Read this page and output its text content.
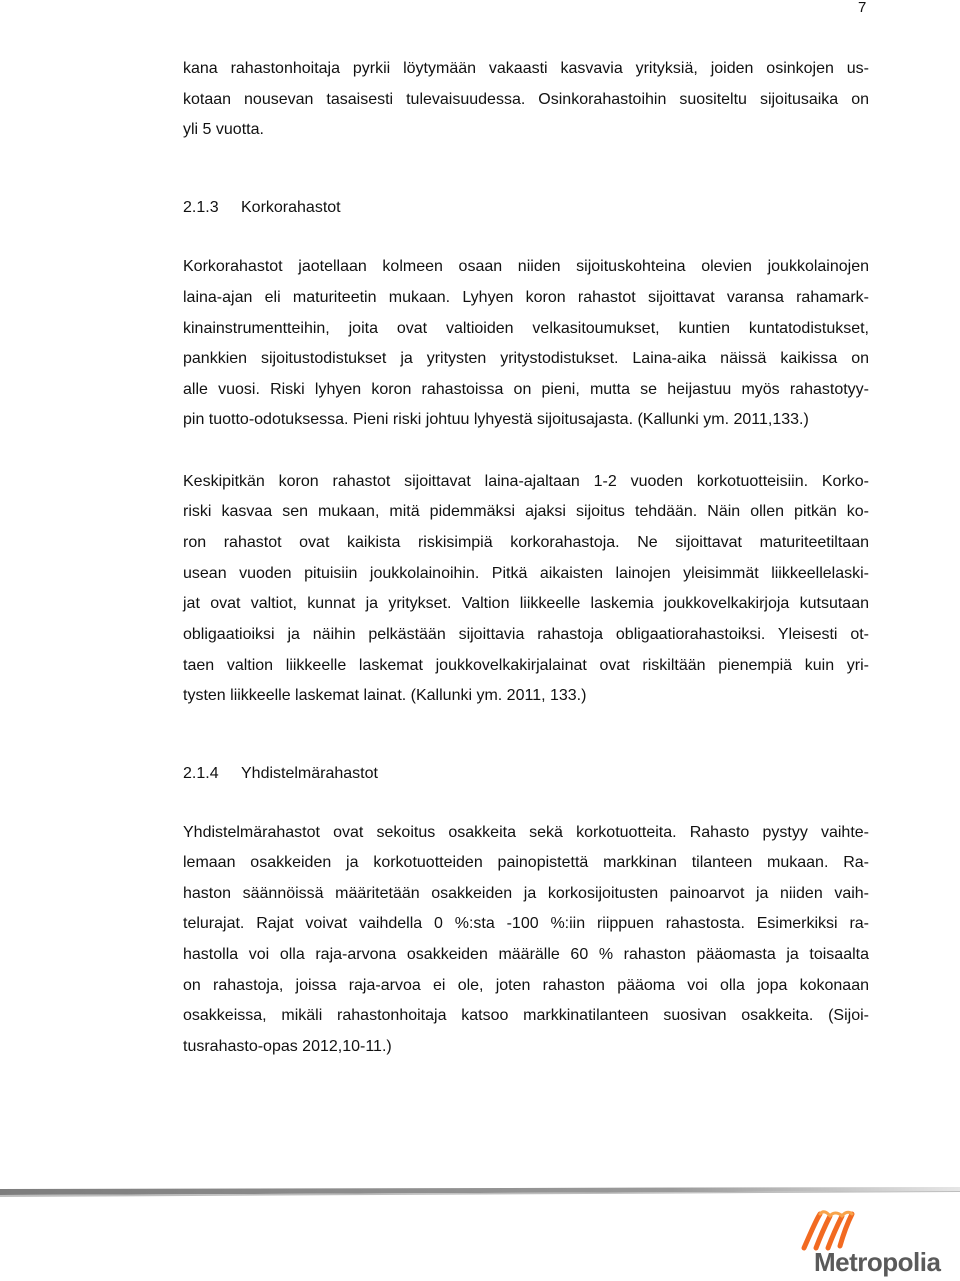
7
kana rahastonhoitaja pyrkii löytymään vakaasti kasvavia yrityksiä, joiden osinkojen us-
kotaan nousevan tasaisesti tulevaisuudessa. Osinkorahastoihin suositeltu sijoitusaika on
yli 5 vuotta.
2.1.3 Korkorahastot
Korkorahastot jaotellaan kolmeen osaan niiden sijoituskohteina olevien joukkolainojen
laina-ajan eli maturiteetin mukaan. Lyhyen koron rahastot sijoittavat varansa rahamark-
kinainstrumentteihin, joita ovat valtioiden velkasitoumukset, kuntien kuntatodistukset,
pankkien sijoitustodistukset ja yritysten yritystodistukset. Laina-aika näissä kaikissa on
alle vuosi. Riski lyhyen koron rahastoissa on pieni, mutta se heijastuu myös rahastotyy-
pin tuotto-odotuksessa. Pieni riski johtuu lyhyestä sijoitusajasta. (Kallunki ym. 2011,133.)
Keskipitkän koron rahastot sijoittavat laina-ajaltaan 1-2 vuoden korkotuotteisiin. Korko-
riski kasvaa sen mukaan, mitä pidemmäksi ajaksi sijoitus tehdään. Näin ollen pitkän ko-
ron rahastot ovat kaikista riskisimpiä korkorahastoja. Ne sijoittavat maturiteetiltaan
usean vuoden pituisiin joukkolainoihin. Pitkä aikaisten lainojen yleisimmät liikkeellelaski-
jat ovat valtiot, kunnat ja yritykset. Valtion liikkeelle laskemia joukkovelkakirjoja kutsutaan
obligaatioiksi ja näihin pelkästään sijoittavia rahastoja obligaatiorahastoiksi. Yleisesti ot-
taen valtion liikkeelle laskemat joukkovelkakirjalainat ovat riskiltään pienempiä kuin yri-
tysten liikkeelle laskemat lainat. (Kallunki ym. 2011, 133.)
2.1.4 Yhdistelmärahastot
Yhdistelmärahastot ovat sekoitus osakkeita sekä korkotuotteita. Rahasto pystyy vaihte-
lemaan osakkeiden ja korkotuotteiden painopistettä markkinan tilanteen mukaan. Ra-
haston säännöissä määritetään osakkeiden ja korkosijoitusten painoarvot ja niiden vaih-
telurajat. Rajat voivat vaihdella 0 %:sta -100 %:iin riippuen rahastosta. Esimerkiksi ra-
hastolla voi olla raja-arvona osakkeiden määrälle 60 % rahaston pääomasta ja toisaalta
on rahastoja, joissa raja-arvoa ei ole, joten rahaston pääoma voi olla jopa kokonaan
osakkeissa, mikäli rahastonhoitaja katsoo markkinatilanteen suosivan osakkeita. (Sijoi-
tusrahasto-opas 2012,10-11.)
Metropolia
